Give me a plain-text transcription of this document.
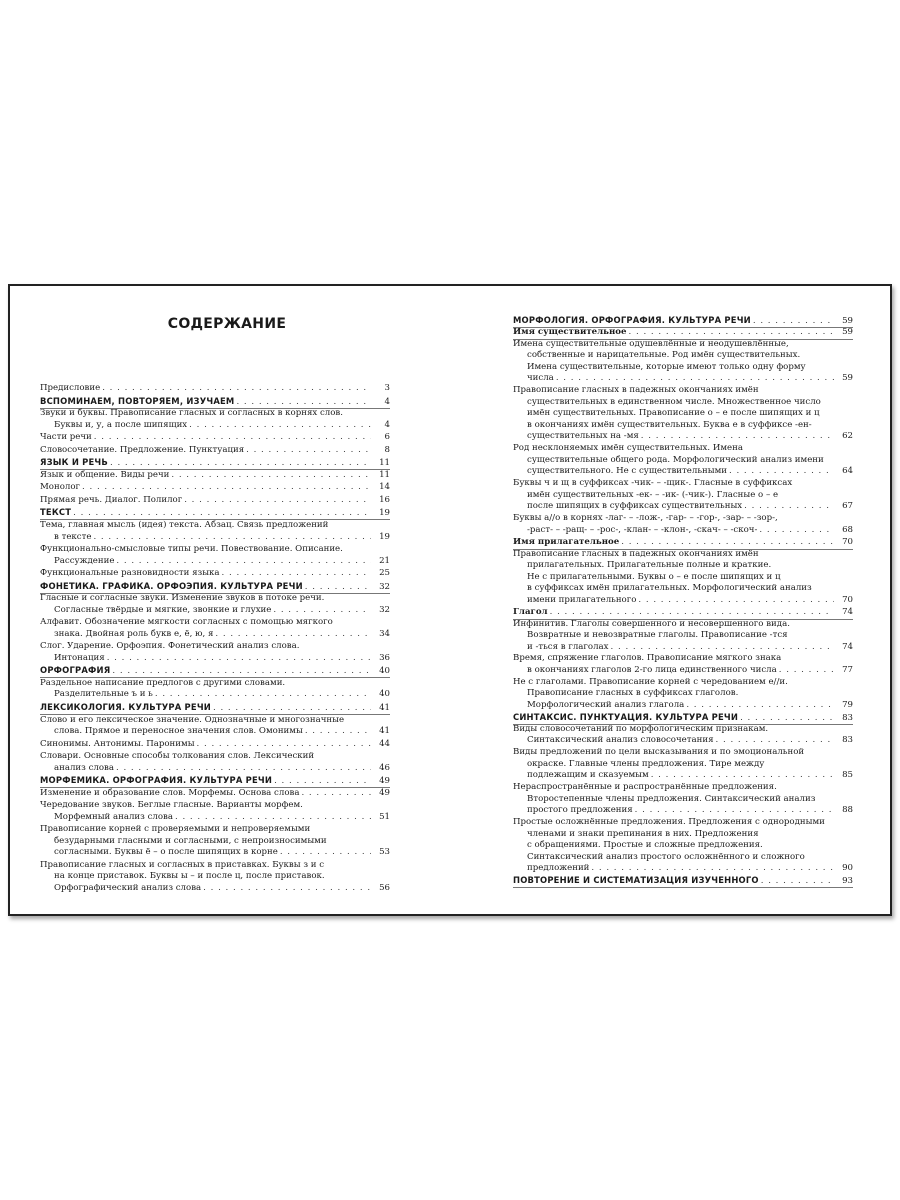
СОДЕРЖАНИЕ
Предисловие . . .	3
ВСПОМИНАЕМ, ПОВТОРЯЕМ, ИЗУЧАЕМ . . .	4
Звуки и буквы. Правописание гласных и согласных в корнях слов.
Буквы и, у, а после шипящих . . .	4
Части речи . . .	6
Словосочетание. Предложение. Пунктуация . . .	8
ЯЗЫК И РЕЧЬ . . .	11
Язык и общение. Виды речи . . .	11
Монолог . . .	14
Прямая речь. Диалог. Полилог . . .	16
ТЕКСТ . . .	19
Тема, главная мысль (идея) текста. Абзац. Связь предложений
в тексте . . .	19
Функционально-смысловые типы речи. Повествование. Описание.
Рассуждение . . .	21
Функциональные разновидности языка . . .	25
ФОНЕТИКА. ГРАФИКА. ОРФОЭПИЯ. КУЛЬТУРА РЕЧИ . . .	32
Гласные и согласные звуки. Изменение звуков в потоке речи.
Согласные твёрдые и мягкие, звонкие и глухие . . .	32
Алфавит. Обозначение мягкости согласных с помощью мягкого
знака. Двойная роль букв е, ё, ю, я . . .	34
Слог. Ударение. Орфоэпия. Фонетический анализ слова.
Интонация . . .	36
ОРФОГРАФИЯ . . .	40
Раздельное написание предлогов с другими словами.
Разделительные ъ и ь . . .	40
ЛЕКСИКОЛОГИЯ. КУЛЬТУРА РЕЧИ . . .	41
Слово и его лексическое значение. Однозначные и многозначные
слова. Прямое и переносное значения слов. Омонимы . . .	41
Синонимы. Антонимы. Паронимы . . .	44
Словари. Основные способы толкования слов. Лексический
анализ слова . . .	46
МОРФЕМИКА. ОРФОГРАФИЯ. КУЛЬТУРА РЕЧИ . . .	49
Изменение и образование слов. Морфемы. Основа слова . . .	49
Чередование звуков. Беглые гласные. Варианты морфем.
Морфемный анализ слова . . .	51
Правописание корней с проверяемыми и непроверяемыми
безударными гласными и согласными, с непроизносимыми
согласными. Буквы ё – о после шипящих в корне . . .	53
Правописание гласных и согласных в приставках. Буквы з и с
на конце приставок. Буквы ы – и после ц, после приставок.
Орфографический анализ слова . . .	56
МОРФОЛОГИЯ. ОРФОГРАФИЯ. КУЛЬТУРА РЕЧИ . . .	59
Имя существительное . . .	59
Имена существительные одушевлённые и неодушевлённые,
собственные и нарицательные. Род имён существительных.
Имена существительные, которые имеют только одну форму
числа . . .	59
Правописание гласных в падежных окончаниях имён
существительных в единственном числе. Множественное число
имён существительных. Правописание о – е после шипящих и ц
в окончаниях имён существительных. Буква е в суффиксе -ен-
существительных на -мя . . .	62
Род несклоняемых имён существительных. Имена
существительные общего рода. Морфологический анализ имени
существительного. Не с существительными . . .	64
Буквы ч и щ в суффиксах -чик- – -щик-. Гласные в суффиксах
имён существительных -ек- – -ик- (-чик-). Гласные о – е
после шипящих в суффиксах существительных . . .	67
Буквы а//о в корнях -лаг- – -лож-, -гар- – -гор-, -зар- – -зор-,
-раст- – -ращ- – -рос-, -клан- – -клон-, -скач- – -скоч- . . .	68
Имя прилагательное . . .	70
Правописание гласных в падежных окончаниях имён
прилагательных. Прилагательные полные и краткие.
Не с прилагательными. Буквы о – е после шипящих и ц
в суффиксах имён прилагательных. Морфологический анализ
имени прилагательного . . .	70
Глагол . . .	74
Инфинитив. Глаголы совершенного и несовершенного вида.
Возвратные и невозвратные глаголы. Правописание -тся
и -ться в глаголах . . .	74
Время, спряжение глаголов. Правописание мягкого знака
в окончаниях глаголов 2-го лица единственного числа . . .	77
Не с глаголами. Правописание корней с чередованием е//и.
Правописание гласных в суффиксах глаголов.
Морфологический анализ глагола . . .	79
СИНТАКСИС. ПУНКТУАЦИЯ. КУЛЬТУРА РЕЧИ . . .	83
Виды словосочетаний по морфологическим признакам.
Синтаксический анализ словосочетания . . .	83
Виды предложений по цели высказывания и по эмоциональной
окраске. Главные члены предложения. Тире между
подлежащим и сказуемым . . .	85
Нераспространённые и распространённые предложения.
Второстепенные члены предложения. Синтаксический анализ
простого предложения . . .	88
Простые осложнённые предложения. Предложения с однородными
членами и знаки препинания в них. Предложения
с обращениями. Простые и сложные предложения.
Синтаксический анализ простого осложнённого и сложного
предложений . . .	90
ПОВТОРЕНИЕ И СИСТЕМАТИЗАЦИЯ ИЗУЧЕННОГО . . .	93
